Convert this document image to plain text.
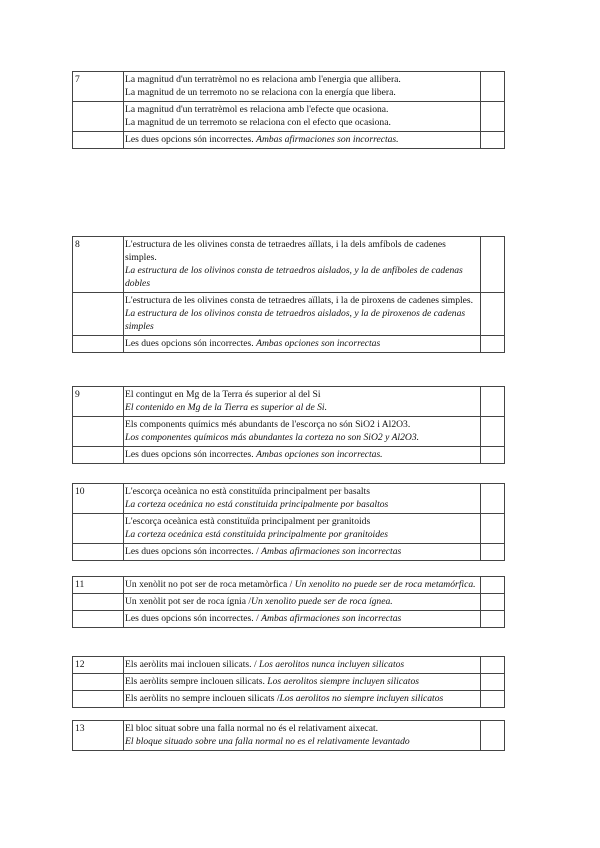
7	La magnitud d'un terratrèmol no es relaciona amb l'energia que allibera.
La magnitud de un terremoto no se relaciona con la energía que libera.	

	La magnitud d'un terratrèmol es relaciona amb l'efecte que ocasiona.
La magnitud de un terremoto se relaciona con el efecto que ocasiona.	

	Les dues opcions són incorrectes. Ambas afirmaciones son incorrectas.	
8	L'estructura de les olivines consta de tetraedres aïllats, i la dels amfíbols de cadenes simples.
La estructura de los olivinos consta de tetraedros aislados, y la de anfíboles de cadenas dobles	

	L'estructura de les olivines consta de tetraedres aïllats, i la de piroxens de cadenes simples.
La estructura de los olivinos consta de tetraedros aislados, y la de piroxenos de cadenas simples	

	Les dues opcions són incorrectes. Ambas opciones son incorrectas	
9	El contingut en Mg de la Terra és superior al del Si
El contenido en Mg de la Tierra es superior al de Si.	

	Els components químics més abundants de l'escorça no són SiO2 i Al2O3.
Los componentes químicos más abundantes la corteza no son SiO2 y Al2O3.	

	Les dues opcions són incorrectes. Ambas opciones son incorrectas.	
10	L'escorça oceànica no està constituïda principalment per basalts
La corteza oceánica no está constituida principalmente por basaltos	

	L'escorça oceànica està constituïda principalment per granitoids
La corteza oceánica está constituida principalmente por granitoides	

	Les dues opcions són incorrectes. / Ambas afirmaciones son incorrectas	
11	Un xenòlit no pot ser de roca metamòrfica / Un xenolito no puede ser de roca metamórfica.	
	Un xenòlit pot ser de roca ígnia /Un xenolito puede ser de roca ígnea.	
	Les dues opcions són incorrectes. / Ambas afirmaciones son incorrectas	
12	Els aeròlits mai inclouen silicats. / Los aerolitos nunca incluyen silicatos	
	Els aeròlits sempre inclouen silicats. Los aerolitos siempre incluyen silicatos	
	Els aeròlits no sempre inclouen silicats /Los aerolitos no siempre incluyen silicatos	
13	El bloc situat sobre una falla normal no és el relativament aixecat.
El bloque situado sobre una falla normal no es el relativamente levantado
